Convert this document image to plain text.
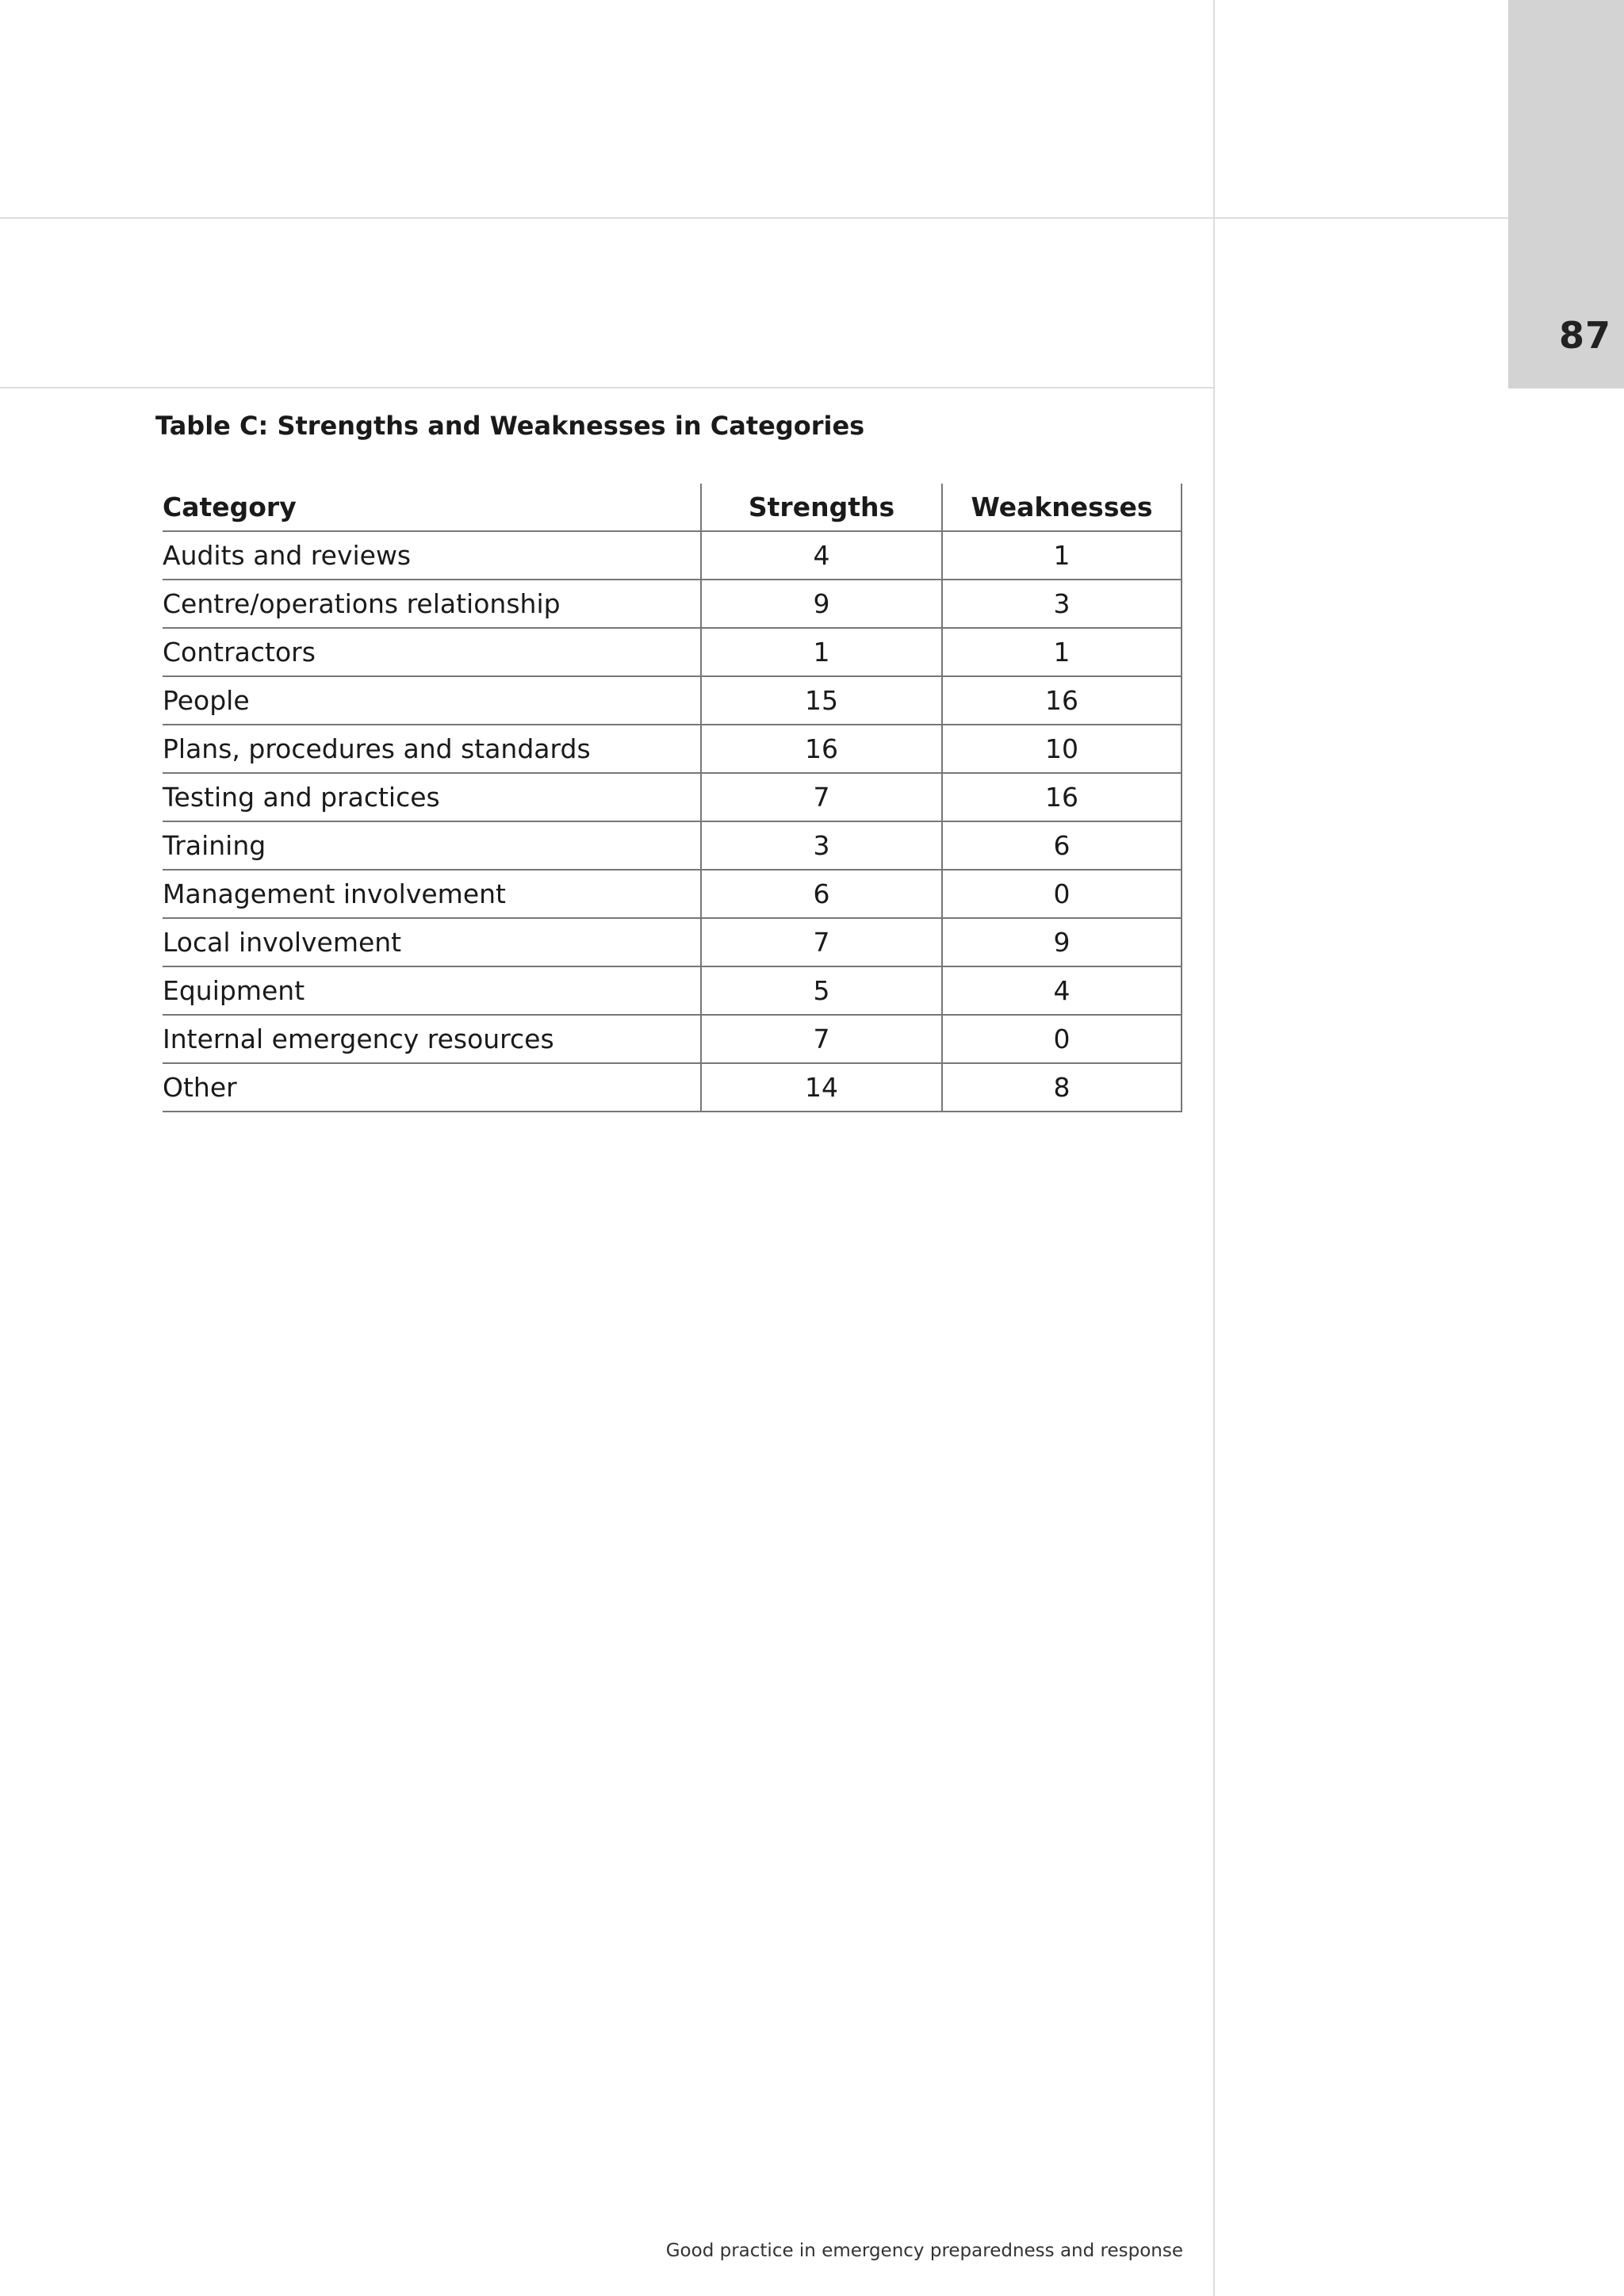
87
Table C: Strengths and Weaknesses in Categories
Category	Strengths	Weaknesses
Audits and reviews	4	1
Centre/operations relationship	9	3
Contractors	1	1
People	15	16
Plans, procedures and standards	16	10
Testing and practices	7	16
Training	3	6
Management involvement	6	0
Local involvement	7	9
Equipment	5	4
Internal emergency resources	7	0
Other	14	8
Good practice in emergency preparedness and response
